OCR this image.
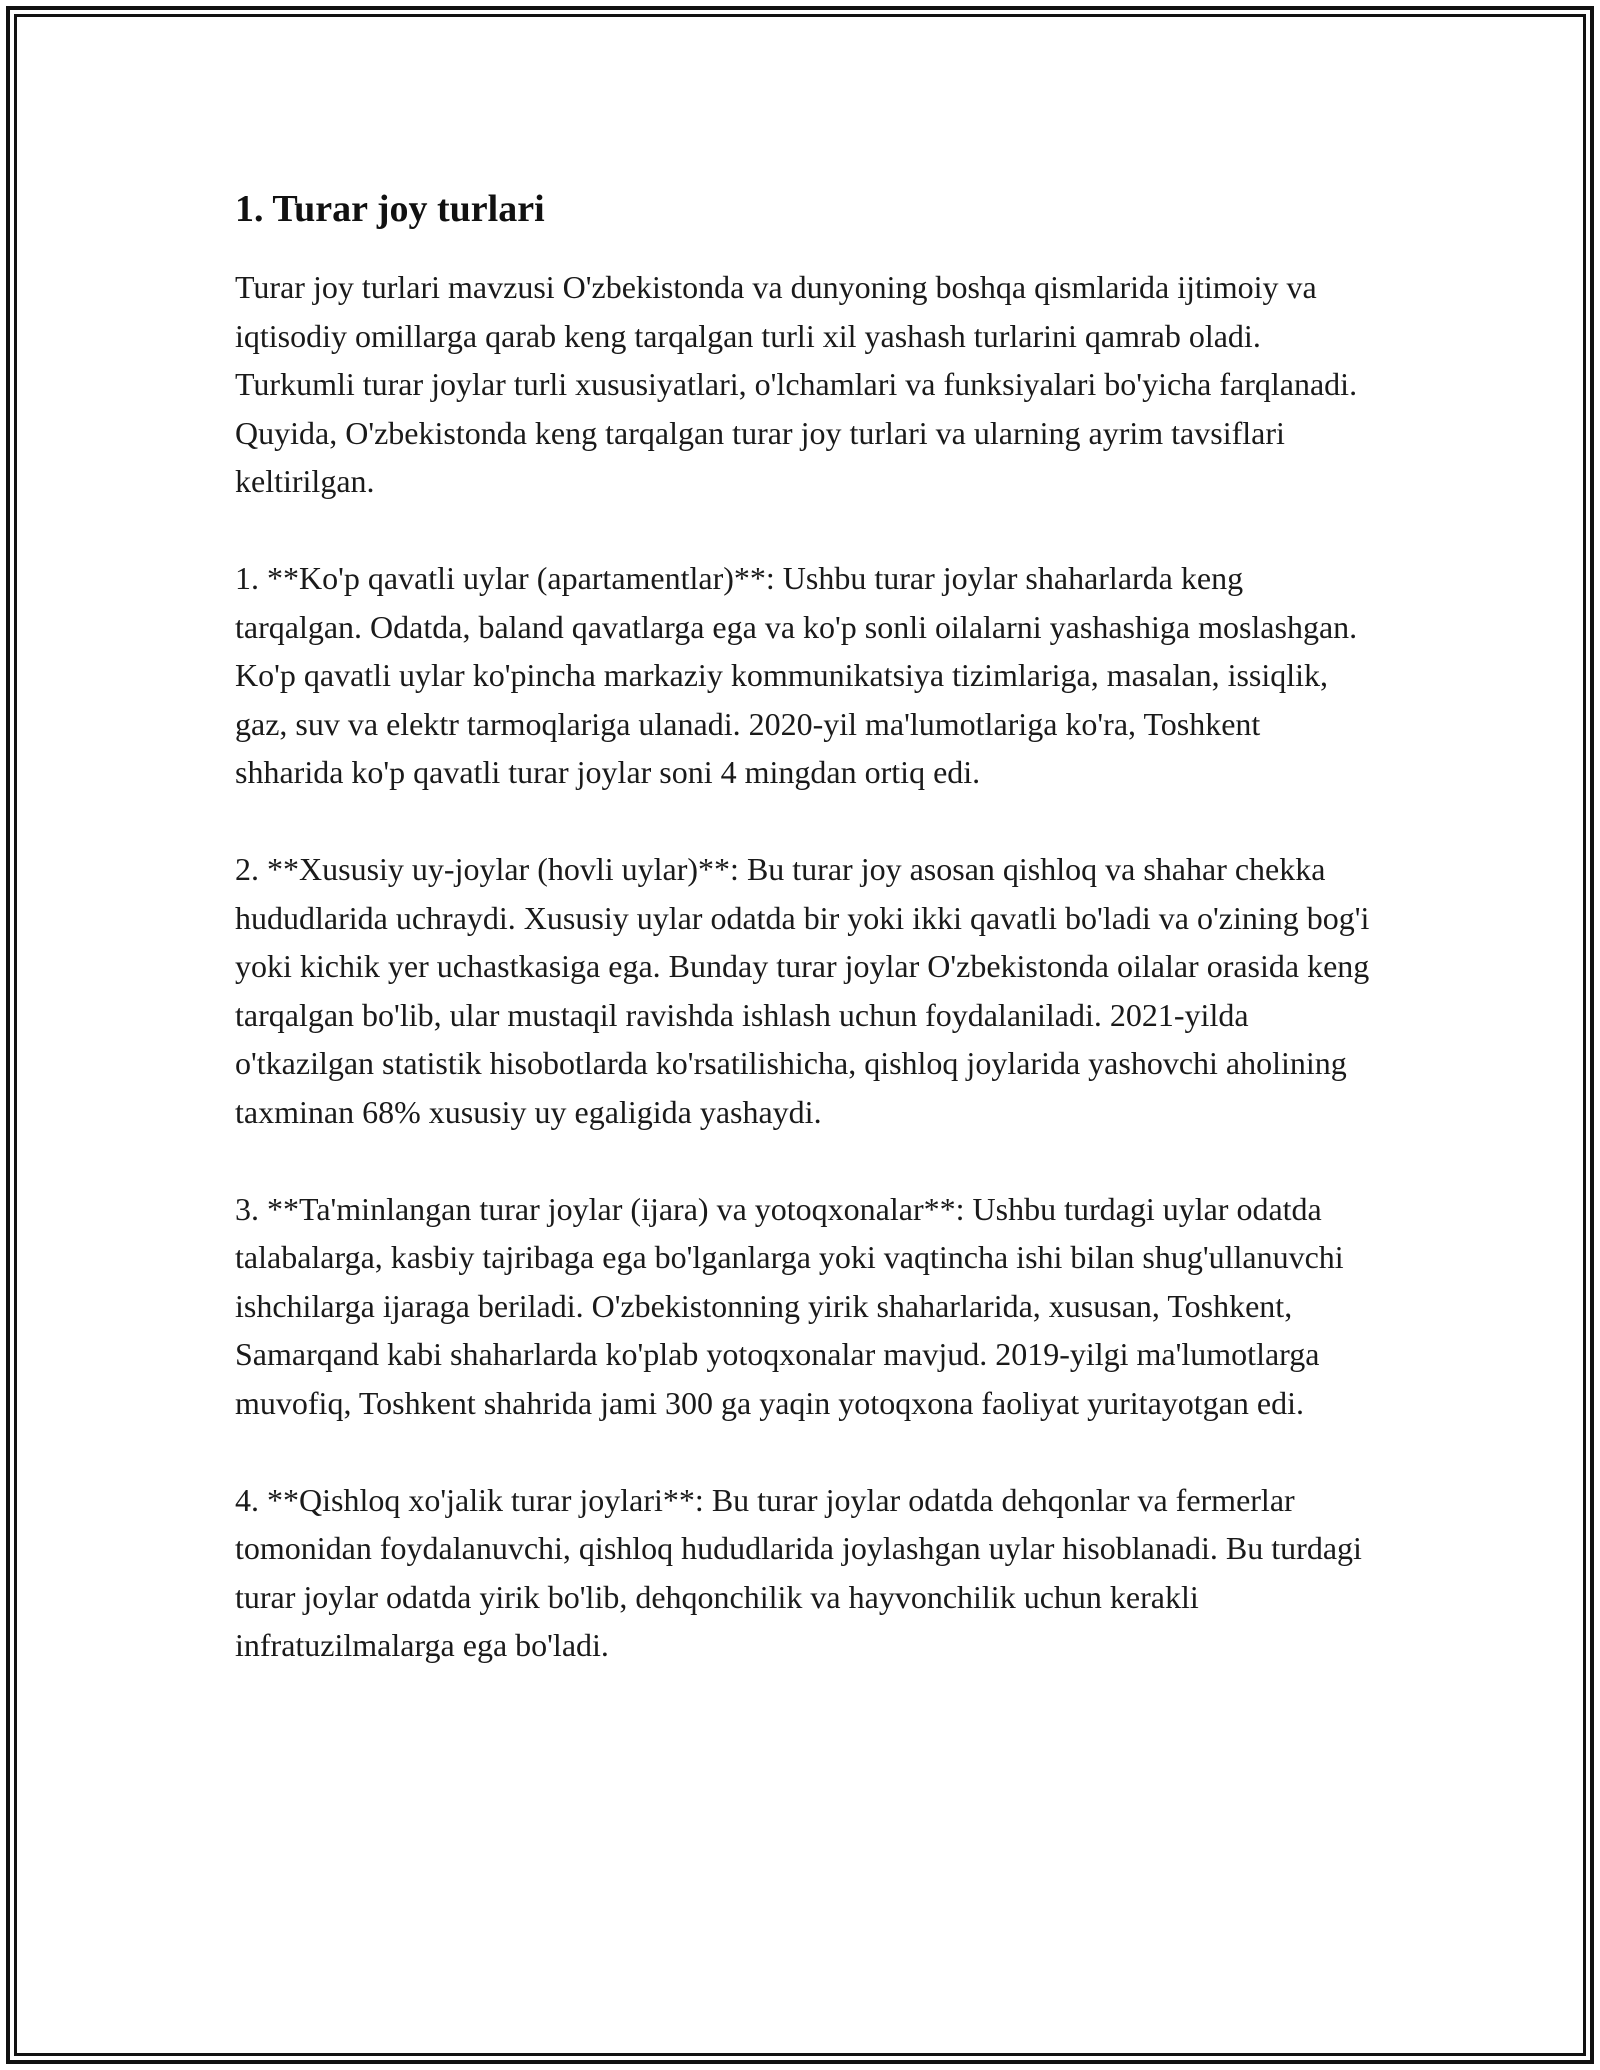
1. Turar joy turlari

Turar joy turlari mavzusi O'zbekistonda va dunyoning boshqa qismlarida ijtimoiy va iqtisodiy omillarga qarab keng tarqalgan turli xil yashash turlarini qamrab oladi. Turkumli turar joylar turli xususiyatlari, o'lchamlari va funksiyalari bo'yicha farqlanadi. Quyida, O'zbekistonda keng tarqalgan turar joy turlari va ularning ayrim tavsiflari keltirilgan.

1. **Ko'p qavatli uylar (apartamentlar)**: Ushbu turar joylar shaharlarda keng tarqalgan. Odatda, baland qavatlarga ega va ko'p sonli oilalarni yashashiga moslashgan. Ko'p qavatli uylar ko'pincha markaziy kommunikatsiya tizimlariga, masalan, issiqlik, gaz, suv va elektr tarmoqlariga ulanadi. 2020-yil ma'lumotlariga ko'ra, Toshkent shharida ko'p qavatli turar joylar soni 4 mingdan ortiq edi.

2. **Xususiy uy-joylar (hovli uylar)**: Bu turar joy asosan qishloq va shahar chekka hududlarida uchraydi. Xususiy uylar odatda bir yoki ikki qavatli bo'ladi va o'zining bog'i yoki kichik yer uchastkasiga ega. Bunday turar joylar O'zbekistonda oilalar orasida keng tarqalgan bo'lib, ular mustaqil ravishda ishlash uchun foydalaniladi. 2021-yilda o'tkazilgan statistik hisobotlarda ko'rsatilishicha, qishloq joylarida yashovchi aholining taxminan 68% xususiy uy egaligida yashaydi.

3. **Ta'minlangan turar joylar (ijara) va yotoqxonalar**: Ushbu turdagi uylar odatda talabalarga, kasbiy tajribaga ega bo'lganlarga yoki vaqtincha ishi bilan shug'ullanuvchi ishchilarga ijaraga beriladi. O'zbekistonning yirik shaharlarida, xususan, Toshkent, Samarqand kabi shaharlarda ko'plab yotoqxonalar mavjud. 2019-yilgi ma'lumotlarga muvofiq, Toshkent shahrida jami 300 ga yaqin yotoqxona faoliyat yuritayotgan edi.

4. **Qishloq xo'jalik turar joylari**: Bu turar joylar odatda dehqonlar va fermerlar tomonidan foydalanuvchi, qishloq hududlarida joylashgan uylar hisoblanadi. Bu turdagi turar joylar odatda yirik bo'lib, dehqonchilik va hayvonchilik uchun kerakli infratuzilmalarga ega bo'ladi.
